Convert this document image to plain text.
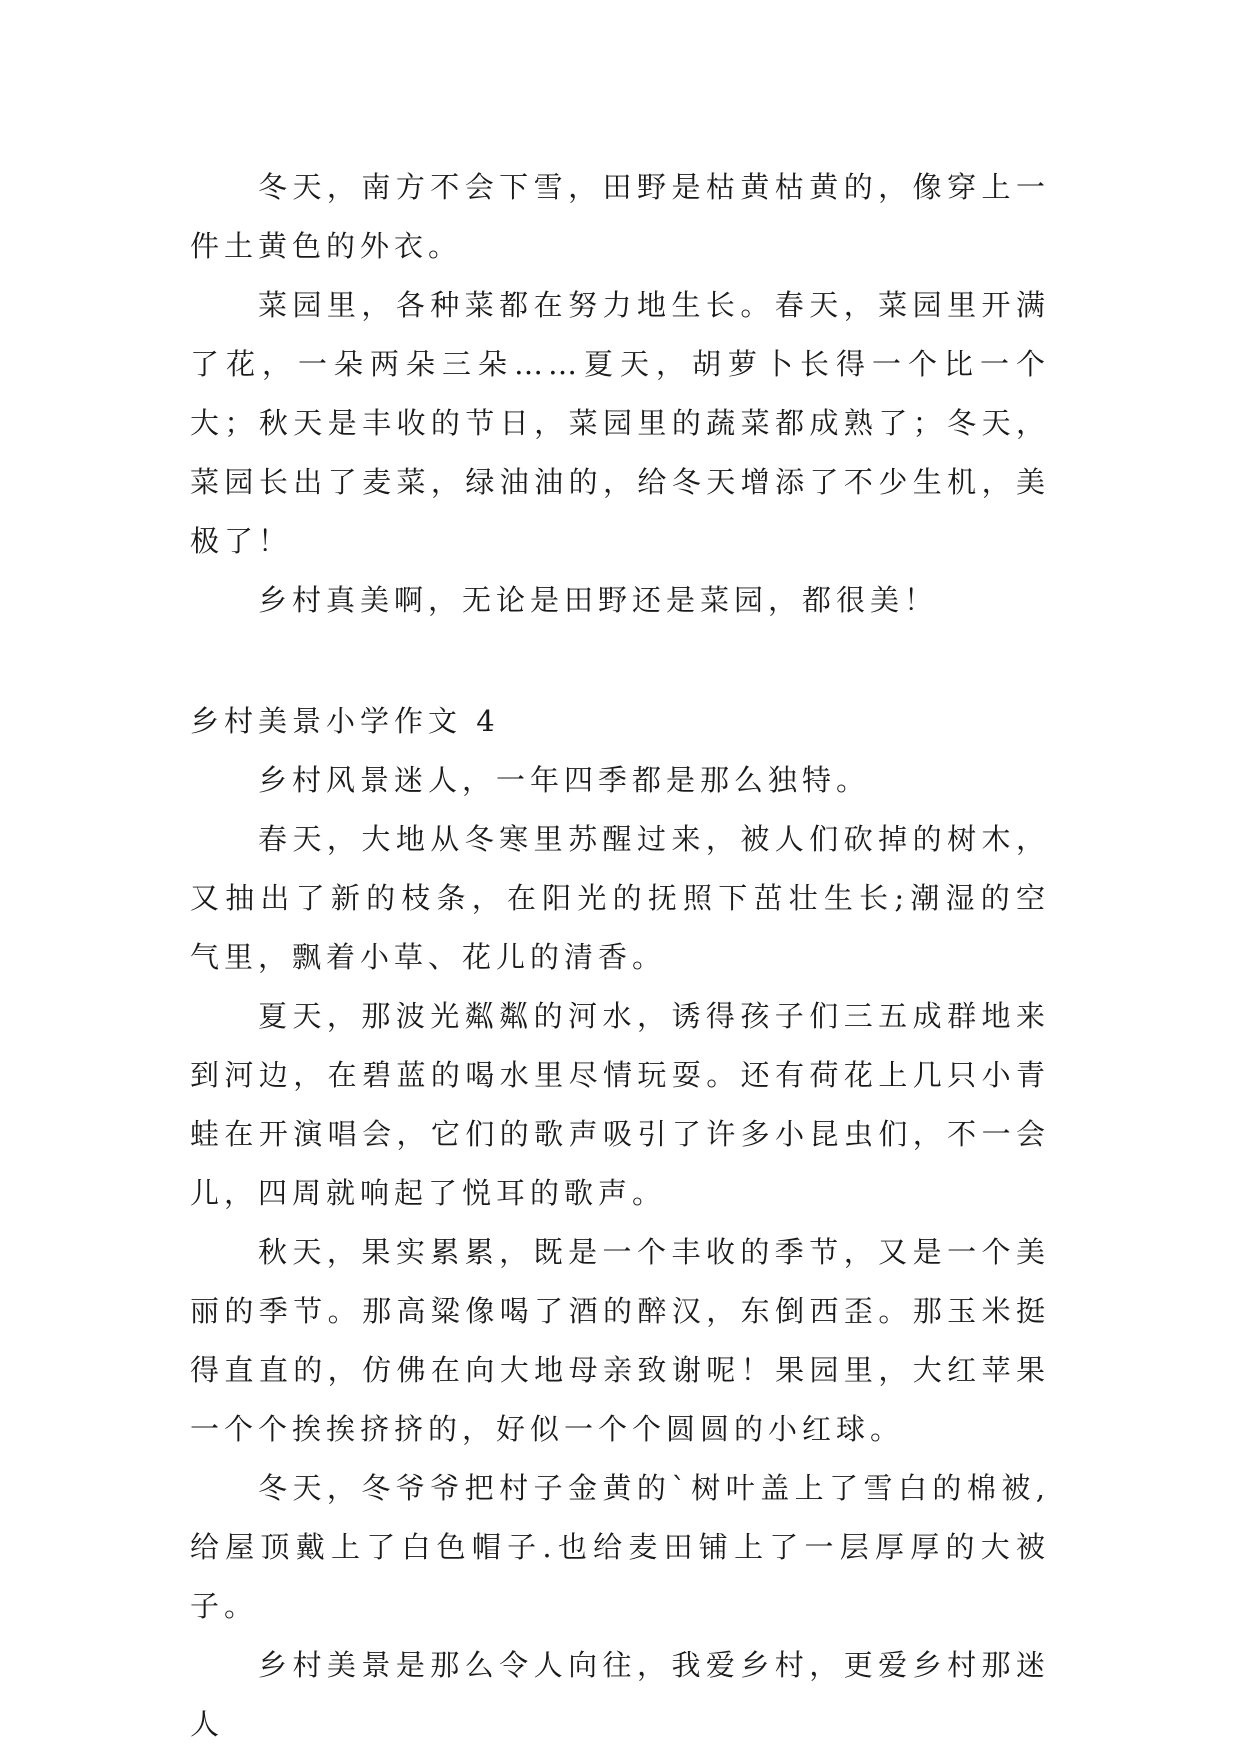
冬天，南方不会下雪，田野是枯黄枯黄的，像穿上一件土黄色的外衣。

菜园里，各种菜都在努力地生长。春天，菜园里开满了花，一朵两朵三朵……夏天，胡萝卜长得一个比一个大；秋天是丰收的节日，菜园里的蔬菜都成熟了；冬天，菜园长出了麦菜，绿油油的，给冬天增添了不少生机，美极了！

乡村真美啊，无论是田野还是菜园，都很美！

乡村美景小学作文 4

乡村风景迷人，一年四季都是那么独特。

春天，大地从冬寒里苏醒过来，被人们砍掉的树木，又抽出了新的枝条，在阳光的抚照下茁壮生长;潮湿的空气里，飘着小草、花儿的清香。

夏天，那波光粼粼的河水，诱得孩子们三五成群地来到河边，在碧蓝的喝水里尽情玩耍。还有荷花上几只小青蛙在开演唱会，它们的歌声吸引了许多小昆虫们，不一会儿，四周就响起了悦耳的歌声。

秋天，果实累累，既是一个丰收的季节，又是一个美丽的季节。那高粱像喝了酒的醉汉，东倒西歪。那玉米挺得直直的，仿佛在向大地母亲致谢呢！果园里，大红苹果一个个挨挨挤挤的，好似一个个圆圆的小红球。

冬天，冬爷爷把村子金黄的`树叶盖上了雪白的棉被,给屋顶戴上了白色帽子.也给麦田铺上了一层厚厚的大被子。

乡村美景是那么令人向往，我爱乡村，更爱乡村那迷人
